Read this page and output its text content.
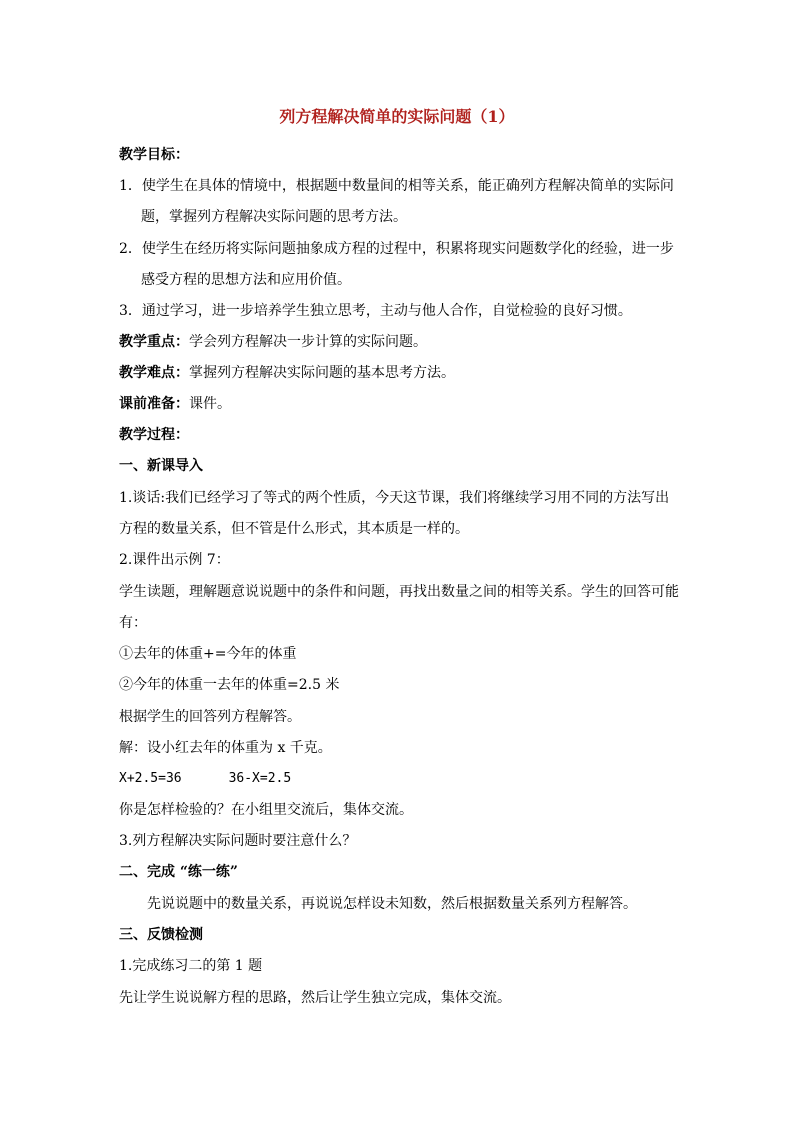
列方程解决简单的实际问题（1）
教学目标：
1．使学生在具体的情境中，根据题中数量间的相等关系，能正确列方程解决简单的实际问
题，掌握列方程解决实际问题的思考方法。
2．使学生在经历将实际问题抽象成方程的过程中，积累将现实问题数学化的经验，进一步
感受方程的思想方法和应用价值。
3．通过学习，进一步培养学生独立思考，主动与他人合作，自觉检验的良好习惯。
教学重点：学会列方程解决一步计算的实际问题。
教学难点：掌握列方程解决实际问题的基本思考方法。
课前准备：课件。
教学过程：
一、新课导入
1.谈话:我们已经学习了等式的两个性质，今天这节课，我们将继续学习用不同的方法写出
方程的数量关系，但不管是什么形式，其本质是一样的。
2.课件出示例 7：
学生读题，理解题意说说题中的条件和问题，再找出数量之间的相等关系。学生的回答可能
有：
①去年的体重+=今年的体重
②今年的体重一去年的体重=2.5 米
根据学生的回答列方程解答。
解：设小红去年的体重为 x 千克。
X+2.5=36      36-X=2.5
你是怎样检验的？在小组里交流后，集体交流。
3.列方程解决实际问题时要注意什么？
二、完成 “练一练”
先说说题中的数量关系，再说说怎样设未知数，然后根据数量关系列方程解答。
三、反馈检测
1.完成练习二的第 1 题
先让学生说说解方程的思路，然后让学生独立完成，集体交流。
